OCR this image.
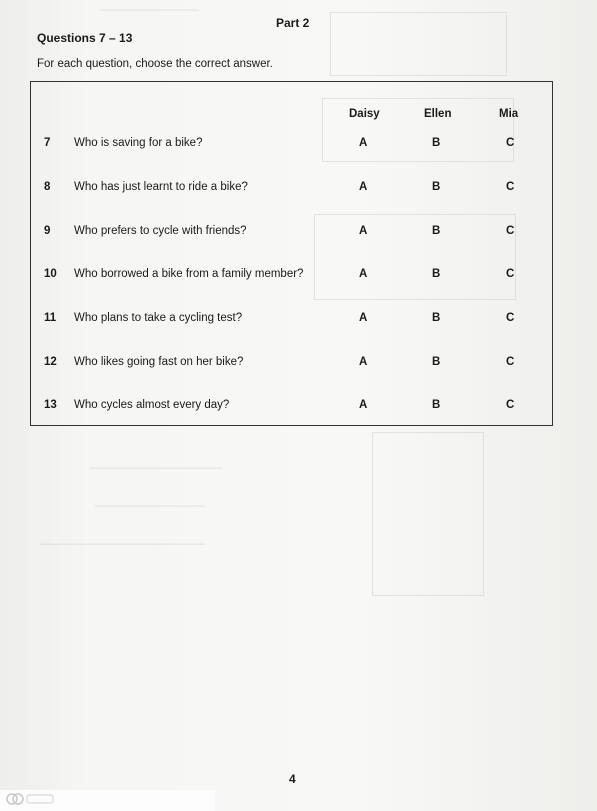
—————————
————————————
——————————
———————————————
Part 2
Questions 7 – 13
For each question, choose the correct answer.
Daisy	Ellen	Mia
7 Who is saving for a bike?	A	B	C
8 Who has just learnt to ride a bike?	A	B	C
9 Who prefers to cycle with friends?	A	B	C
10 Who borrowed a bike from a family member?	A	B	C
11 Who plans to take a cycling test?	A	B	C
12 Who likes going fast on her bike?	A	B	C
13 Who cycles almost every day?	A	B	C
4
